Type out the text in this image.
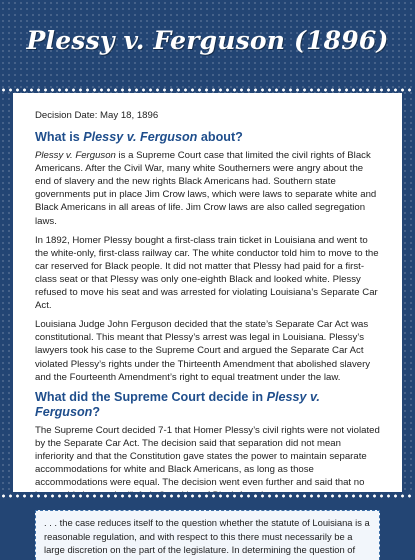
Plessy v. Ferguson (1896)

Decision Date: May 18, 1896

What is Plessy v. Ferguson about?

Plessy v. Ferguson is a Supreme Court case that limited the civil rights of Black Americans. After the Civil War, many white Southerners were angry about the end of slavery and the new rights Black Americans had. Southern state governments put in place Jim Crow laws, which were laws to separate white and Black Americans in all areas of life. Jim Crow laws are also called segregation laws.

In 1892, Homer Plessy bought a first-class train ticket in Louisiana and went to the white-only, first-class railway car. The white conductor told him to move to the car reserved for Black people. It did not matter that Plessy had paid for a first-class seat or that Plessy was only one-eighth Black and looked white. Plessy refused to move his seat and was arrested for violating Louisiana’s Separate Car Act.

Louisiana Judge John Ferguson decided that the state’s Separate Car Act was constitutional. This meant that Plessy’s arrest was legal in Louisiana. Plessy’s lawyers took his case to the Supreme Court and argued the Separate Car Act violated Plessy’s rights under the Thirteenth Amendment that abolished slavery and the Fourteenth Amendment’s right to equal treatment under the law.

What did the Supreme Court decide in Plessy v. Ferguson?

The Supreme Court decided 7-1 that Homer Plessy’s civil rights were not violated by the Separate Car Act. The decision said that separation did not mean inferiority and that the Constitution gave states the power to maintain separate accommodations for white and Black Americans, as long as those accommodations were equal. The decision went even further and said that no

. . . the case reduces itself to the question whether the statute of Louisiana is a reasonable regulation, and with respect to this there must necessarily be a large discretion on the part of the legislature. In determining the question of
